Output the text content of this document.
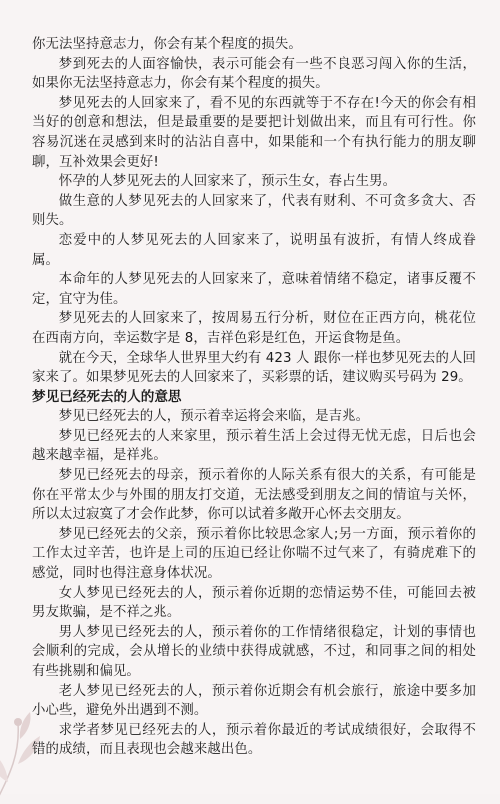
你无法坚持意志力，你会有某个程度的损失。

梦到死去的人面容愉快，表示可能会有一些不良恶习闯入你的生活，如果你无法坚持意志力，你会有某个程度的损失。

梦见死去的人回家来了，看不见的东西就等于不存在!今天的你会有相当好的创意和想法，但是最重要的是要把计划做出来，而且有可行性。你容易沉迷在灵感到来时的沾沾自喜中，如果能和一个有执行能力的朋友聊聊，互补效果会更好!

怀孕的人梦见死去的人回家来了，预示生女，春占生男。

做生意的人梦见死去的人回家来了，代表有财利、不可贪多贪大、否则失。

恋爱中的人梦见死去的人回家来了，说明虽有波折，有情人终成眷属。

本命年的人梦见死去的人回家来了，意味着情绪不稳定，诸事反覆不定，宜守为佳。

梦见死去的人回家来了，按周易五行分析，财位在正西方向，桃花位在西南方向，幸运数字是 8，吉祥色彩是红色，开运食物是鱼。

就在今天，全球华人世界里大约有 423 人 跟你一样也梦见死去的人回家来了。如果梦见死去的人回家来了，买彩票的话，建议购买号码为 29。

梦见已经死去的人的意思

梦见已经死去的人，预示着幸运将会来临，是吉兆。

梦见已经死去的人来家里，预示着生活上会过得无忧无虑，日后也会越来越幸福，是祥兆。

梦见已经死去的母亲，预示着你的人际关系有很大的关系，有可能是你在平常太少与外围的朋友打交道，无法感受到朋友之间的情谊与关怀，所以太过寂寞了才会作此梦，你可以试着多敞开心怀去交朋友。

梦见已经死去的父亲，预示着你比较思念家人;另一方面，预示着你的工作太过辛苦，也许是上司的压迫已经让你喘不过气来了，有骑虎难下的感觉，同时也得注意身体状况。

女人梦见已经死去的人，预示着你近期的恋情运势不佳，可能回去被男友欺骗，是不祥之兆。

男人梦见已经死去的人，预示着你的工作情绪很稳定，计划的事情也会顺利的完成，会从增长的业绩中获得成就感，不过，和同事之间的相处有些挑剔和偏见。

老人梦见已经死去的人，预示着你近期会有机会旅行，旅途中要多加小心些，避免外出遇到不测。

求学者梦见已经死去的人，预示着你最近的考试成绩很好，会取得不错的成绩，而且表现也会越来越出色。
